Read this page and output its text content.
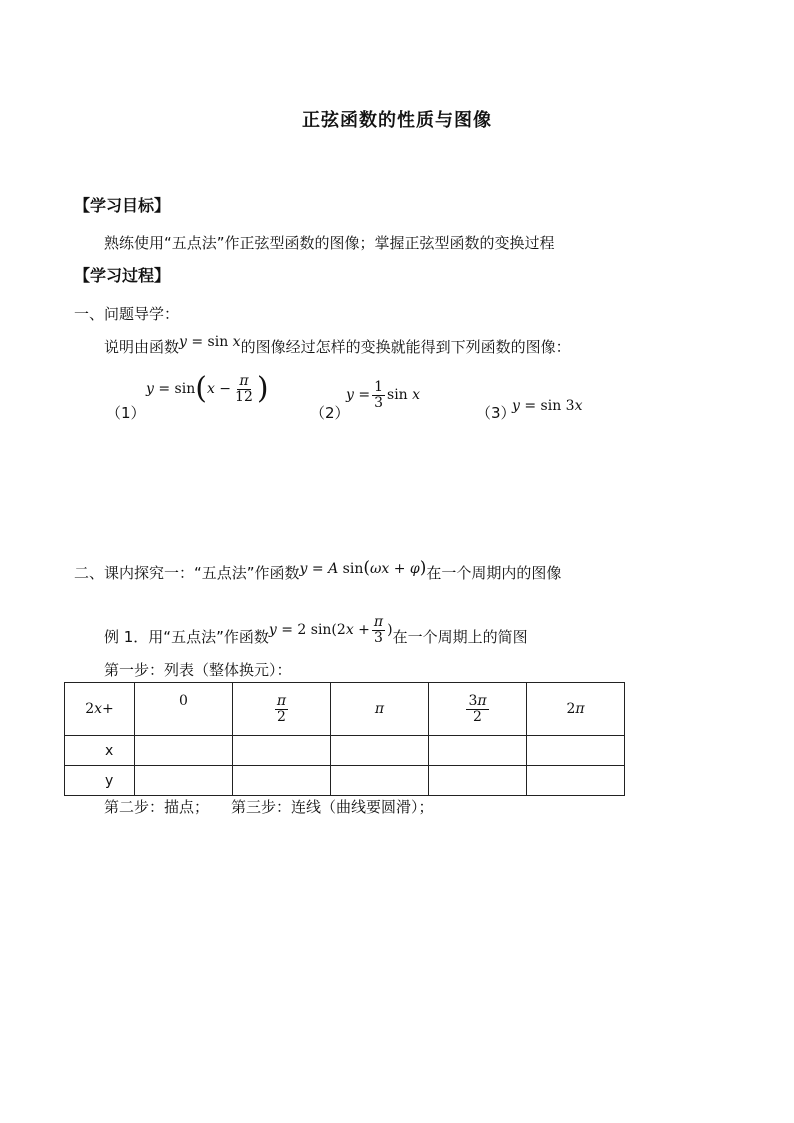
正弦函数的性质与图像
【学习目标】
熟练使用“五点法”作正弦型函数的图像；掌握正弦型函数的变换过程
【学习过程】
一、问题导学：
说明由函数y = sin x的图像经过怎样的变换就能得到下列函数的图像：
（1）
$y = \sin(x - \frac{\pi}{12}$ )
（2）
$y = \frac{1}{3}$ sin x
（3）
y = sin 3x
二、课内探究一：“五点法”作函数y = A sin(ωx + φ)在一个周期内的图像
例 1．用“五点法”作函数y = 2 $\sin(2x + \frac{\pi}{3}$ )在一个周期上的简图
第一步：列表（整体换元）：
2x+	0	$\frac{\pi}{2}$	π	$\frac{3\pi}{2}$	2π
x					
y					
第二步：描点； 第三步：连线（曲线要圆滑）；
